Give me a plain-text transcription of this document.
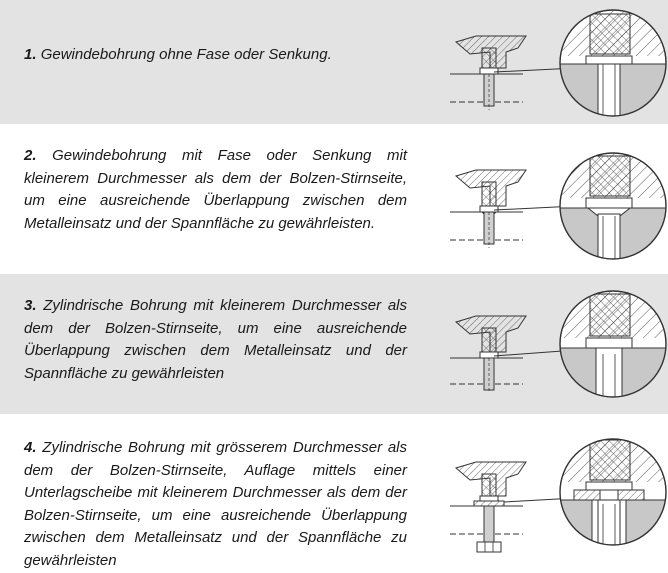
1. Gewindebohrung ohne Fase oder Senkung.
2. Gewindebohrung mit Fase oder Senkung mit kleinerem Durchmesser als dem der Bolzen-Stirnseite, um eine ausreichende Überlappung zwischen dem Metalleinsatz und der Spannfläche zu gewährleisten.
3. Zylindrische Bohrung mit kleinerem Durchmesser als dem der Bolzen-Stirnseite, um eine ausreichende Überlappung zwischen dem Metalleinsatz und der Spannfläche zu gewährleisten
4. Zylindrische Bohrung mit grösserem Durchmesser als dem der Bolzen-Stirnseite, Auflage mittels einer Unterlagscheibe mit kleinerem Durchmesser als dem der Bolzen-Stirnseite, um eine ausreichende Überlappung zwischen dem Metalleinsatz und der Spannfläche zu gewährleisten
